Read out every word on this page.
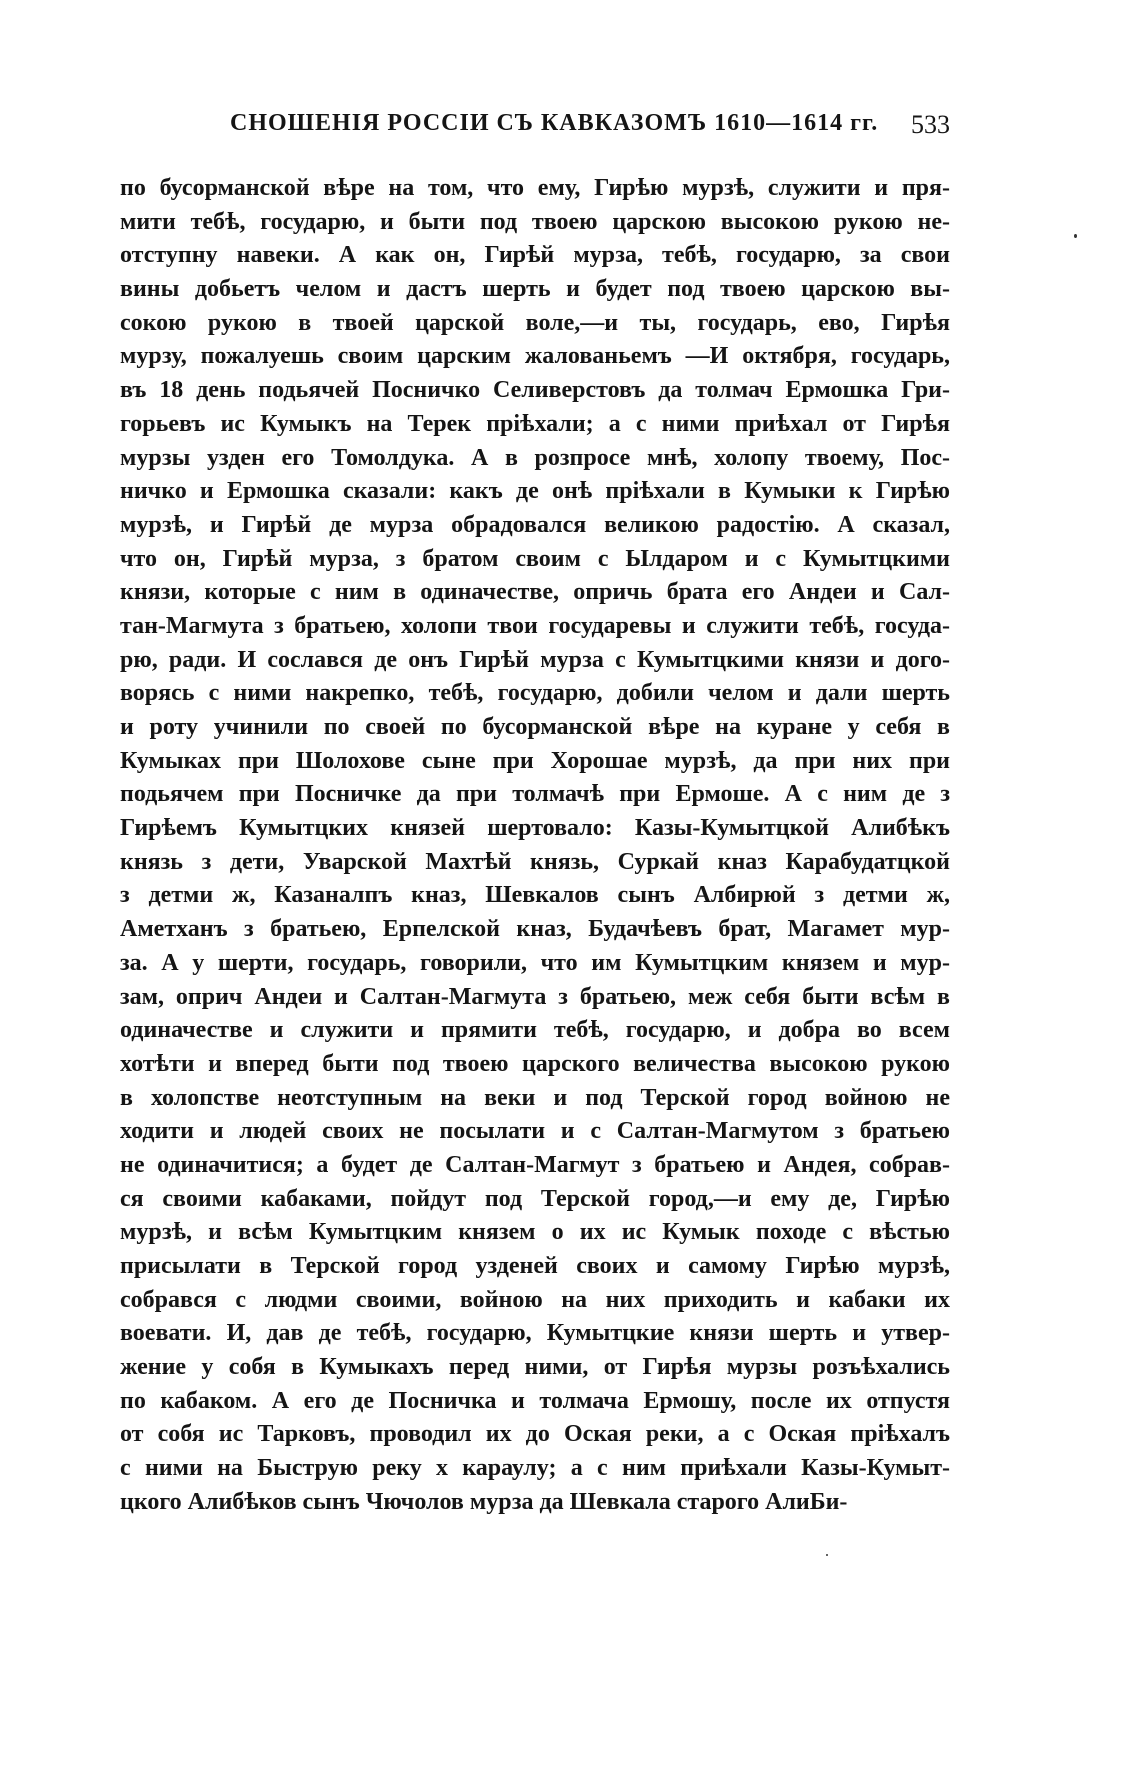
СНОШЕНІЯ РОССІИ СЪ КАВКАЗОМЪ 1610—1614 гг. 533
по бусорманской вѣре на том, что ему, Гирѣю мурзѣ, служити и пря-
мити тебѣ, государю, и быти под твоею царскою высокою рукою не-
отступну навеки. А как он, Гирѣй мурза, тебѣ, государю, за свои
вины добьетъ челом и дастъ шерть и будет под твоею царскою вы-
сокою рукою в твоей царской воле,—и ты, государь, ево, Гирѣя
мурзу, пожалуешь своим царским жалованьемъ —И октября, государь,
въ 18 день подьячей Посничко Селиверстовъ да толмач Ермошка Гри-
горьевъ ис Кумыкъ на Терек пріѣхали; а с ними приѣхал от Гирѣя
мурзы узден его Томолдука. А в розпросе мнѣ, холопу твоему, Пос-
ничко и Ермошка сказали: какъ де онѣ пріѣхали в Кумыки к Гирѣю
мурзѣ, и Гирѣй де мурза обрадовался великою радостію. А сказал,
что он, Гирѣй мурза, з братом своим с Ылдаром и с Кумытцкими
князи, которые с ним в одиначестве, опричь брата его Андеи и Сал-
тан-Магмута з братьею, холопи твои государевы и служити тебѣ, госуда-
рю, ради. И сослався де онъ Гирѣй мурза с Кумытцкими князи и дого-
ворясь с ними накрепко, тебѣ, государю, добили челом и дали шерть
и роту учинили по своей по бусорманской вѣре на куране у себя в
Кумыках при Шолохове сыне при Хорошае мурзѣ, да при них при
подьячем при Посничке да при толмачѣ при Ермоше. А с ним де з
Гирѣемъ Кумытцких князей шертовало: Казы-Кумытцкой Алибѣкъ
князь з дети, Уварской Махтѣй князь, Суркай кназ Карабудатцкой
з детми ж, Казаналпъ кназ, Шевкалов сынъ Албирюй з детми ж,
Аметханъ з братьею, Ерпелской кназ, Будачѣевъ брат, Магамет мур-
за. А у шерти, государь, говорили, что им Кумытцким князем и мур-
зам, оприч Андеи и Салтан-Магмута з братьею, меж себя быти всѣм в
одиначестве и служити и прямити тебѣ, государю, и добра во всем
хотѣти и вперед быти под твоею царского величества высокою рукою
в холопстве неотступным на веки и под Терской город войною не
ходити и людей своих не посылати и с Салтан-Магмутом з братьею
не одиначитися; а будет де Салтан-Магмут з братьею и Андея, собрав-
ся своими кабаками, пойдут под Терской город,—и ему де, Гирѣю
мурзѣ, и всѣм Кумытцким князем о их ис Кумык походе с вѣстью
присылати в Терской город узденей своих и самому Гирѣю мурзѣ,
собрався с людми своими, войною на них приходить и кабаки их
воевати. И, дав де тебѣ, государю, Кумытцкие князи шерть и утвер-
жение у собя в Кумыкахъ перед ними, от Гирѣя мурзы розъѣхались
по кабаком. А его де Посничка и толмача Ермошу, после их отпустя
от собя ис Тарковъ, проводил их до Оская реки, а с Оская пріѣхалъ
с ними на Быструю реку х караулу; а с ним приѣхали Казы-Кумыт-
цкого Алибѣков сынъ Чючолов мурза да Шевкала старого АлиБи-
